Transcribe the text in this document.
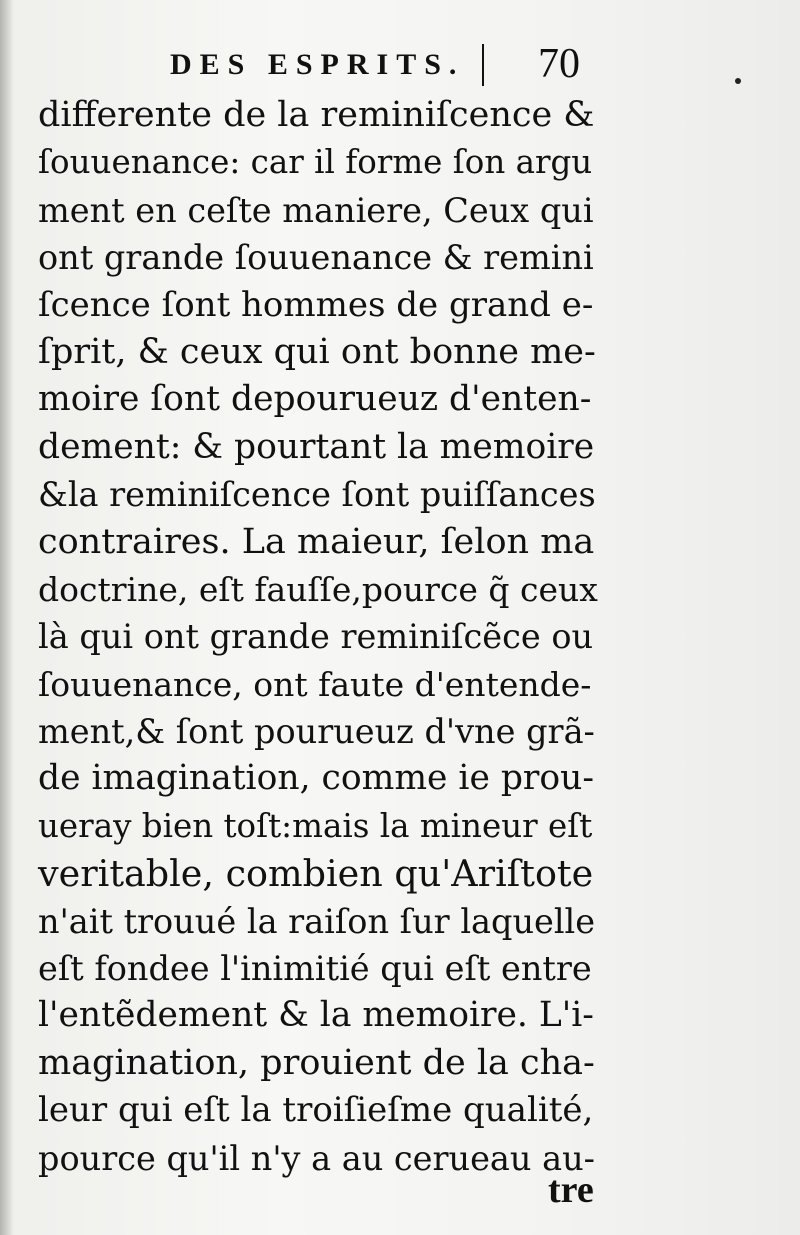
DES ESPRITS. 70
differente de la reminiſcence &
ſouuenance: car il forme ſon argu
ment en ceſte maniere, Ceux qui
ont grande ſouuenance & remini
ſcence ſont hommes de grand e-
ſprit, & ceux qui ont bonne me-
moire ſont depourueuz d'enten-
dement: & pourtant la memoire
&la reminiſcence ſont puiſſances
contraires. La maieur, ſelon ma
doctrine, eſt fauſſe,pource q̃ ceux
là qui ont grande reminiſcẽce ou
ſouuenance, ont faute d'entende-
ment,& ſont pourueuz d'vne grã-
de imagination, comme ie prou-
ueray bien toſt:mais la mineur eſt
veritable, combien qu'Ariſtote
n'ait trouué la raiſon ſur laquelle
eſt fondee l'inimitié qui eſt entre
l'entẽdement & la memoire. L'i-
magination, prouient de la cha-
leur qui eſt la troiſieſme qualité,
pource qu'il n'y a au cerueau au-
tre
